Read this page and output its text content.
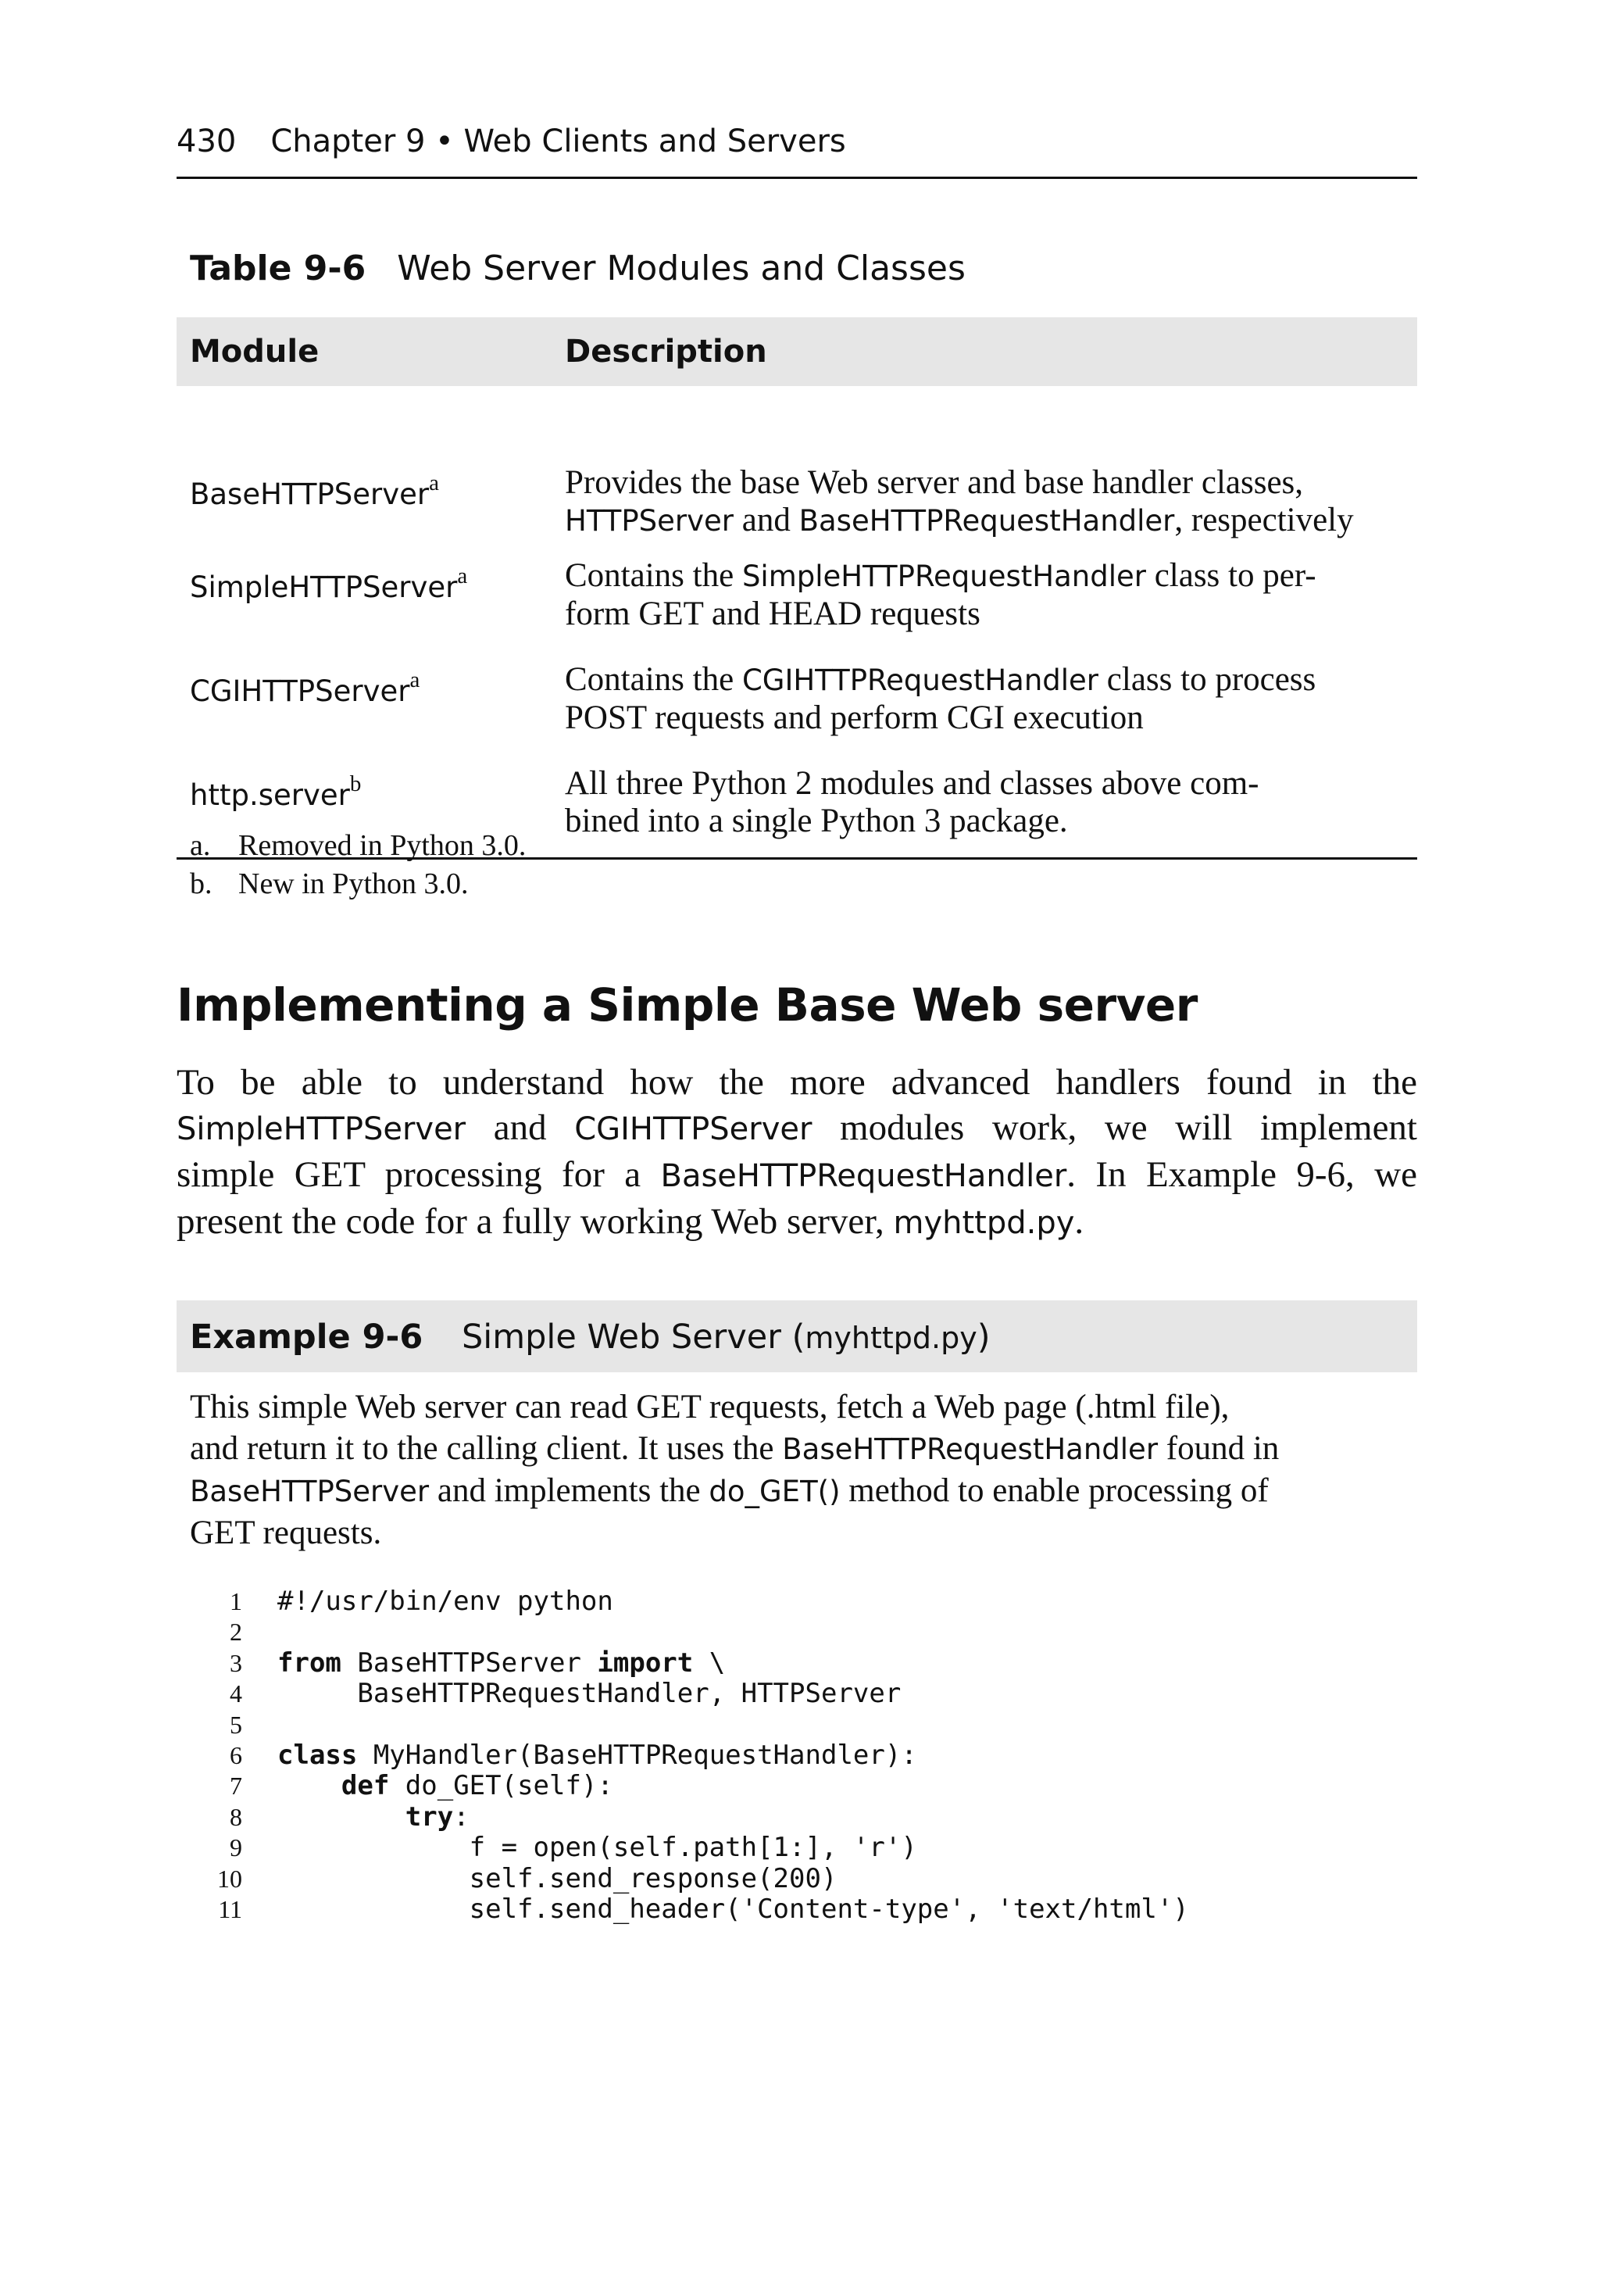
430 Chapter 9 • Web Clients and Servers
Table 9-6 Web Server Modules and Classes
Module	Description
BaseHTTPServer$^a$	Provides the base Web server and base handler classes,
HTTPServer and BaseHTTPRequestHandler, respectively

SimpleHTTPServer$^a$	Contains the SimpleHTTPRequestHandler class to per-
form GET and HEAD requests

CGIHTTPServer$^a$	Contains the CGIHTTPRequestHandler class to process
POST requests and perform CGI execution

http.server$^b$	All three Python 2 modules and classes above com-
bined into a single Python 3 package.
a. Removed in Python 3.0.
b. New in Python 3.0.
Implementing a Simple Base Web server
To be able to understand how the more advanced handlers found in the
SimpleHTTPServer and CGIHTTPServer modules work, we will implement
simple GET processing for a BaseHTTPRequestHandler. In Example 9-6, we
present the code for a fully working Web server, myhttpd.py.
Example 9-6 Simple Web Server (myhttpd.py)
This simple Web server can read GET requests, fetch a Web page (.html file),
and return it to the calling client. It uses the BaseHTTPRequestHandler found in
BaseHTTPServer and implements the do_GET() method to enable processing of
GET requests.
1 #!/usr/bin/env python
2
3 from BaseHTTPServer import \
4 BaseHTTPRequestHandler, HTTPServer
5
6 class MyHandler(BaseHTTPRequestHandler):
7	def do_GET(self):
8	try:
9 f = open(self.path[1:], 'r')
10 self.send_response(200)
11 self.send_header('Content-type', 'text/html')
